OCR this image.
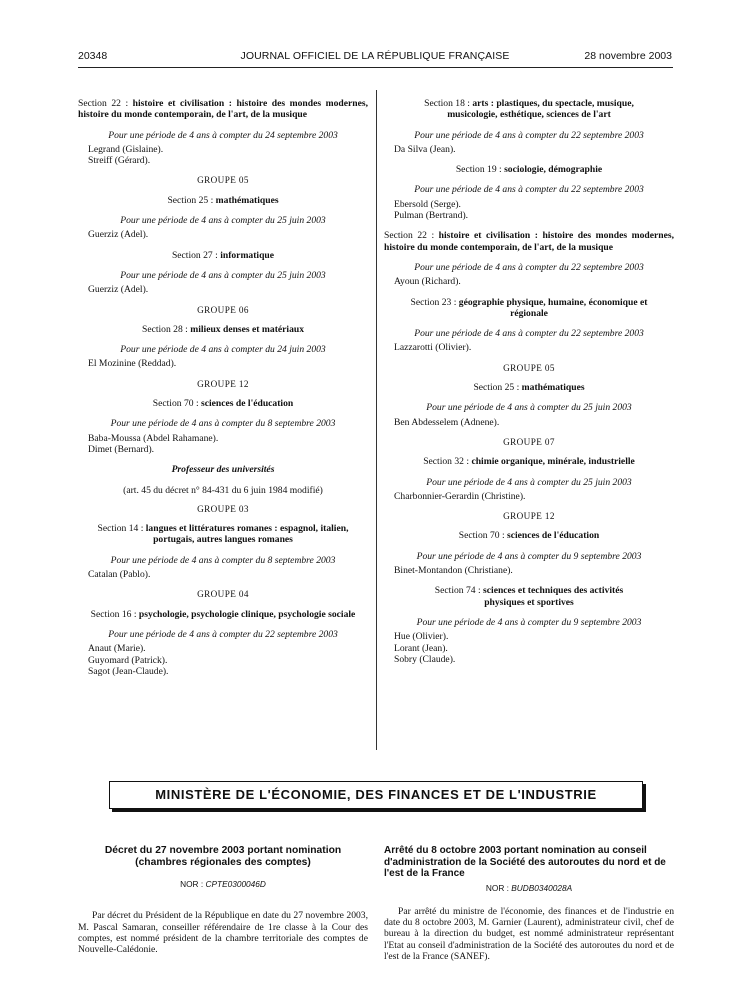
20348	JOURNAL OFFICIEL DE LA RÉPUBLIQUE FRANÇAISE	28 novembre 2003
Section 22 : histoire et civilisation : histoire des mondes modernes, histoire du monde contemporain, de l'art, de la musique
Pour une période de 4 ans à compter du 24 septembre 2003
Legrand (Gislaine).
Streiff (Gérard).
GROUPE 05
Section 25 : mathématiques
Pour une période de 4 ans à compter du 25 juin 2003
Guerziz (Adel).
Section 27 : informatique
Pour une période de 4 ans à compter du 25 juin 2003
Guerziz (Adel).
GROUPE 06
Section 28 : milieux denses et matériaux
Pour une période de 4 ans à compter du 24 juin 2003
El Mozinine (Reddad).
GROUPE 12
Section 70 : sciences de l'éducation
Pour une période de 4 ans à compter du 8 septembre 2003
Baba-Moussa (Abdel Rahamane).
Dimet (Bernard).
Professeur des universités
(art. 45 du décret n° 84-431 du 6 juin 1984 modifié)
GROUPE 03
Section 14 : langues et littératures romanes : espagnol, italien, portugais, autres langues romanes
Pour une période de 4 ans à compter du 8 septembre 2003
Catalan (Pablo).
GROUPE 04
Section 16 : psychologie, psychologie clinique, psychologie sociale
Pour une période de 4 ans à compter du 22 septembre 2003
Anaut (Marie).
Guyomard (Patrick).
Sagot (Jean-Claude).
Section 18 : arts : plastiques, du spectacle, musique, musicologie, esthétique, sciences de l'art
Pour une période de 4 ans à compter du 22 septembre 2003
Da Silva (Jean).
Section 19 : sociologie, démographie
Pour une période de 4 ans à compter du 22 septembre 2003
Ebersold (Serge).
Pulman (Bertrand).
Section 22 : histoire et civilisation : histoire des mondes modernes, histoire du monde contemporain, de l'art, de la musique
Pour une période de 4 ans à compter du 22 septembre 2003
Ayoun (Richard).
Section 23 : géographie physique, humaine, économique et régionale
Pour une période de 4 ans à compter du 22 septembre 2003
Lazzarotti (Olivier).
GROUPE 05
Section 25 : mathématiques
Pour une période de 4 ans à compter du 25 juin 2003
Ben Abdesselem (Adnene).
GROUPE 07
Section 32 : chimie organique, minérale, industrielle
Pour une période de 4 ans à compter du 25 juin 2003
Charbonnier-Gerardin (Christine).
GROUPE 12
Section 70 : sciences de l'éducation
Pour une période de 4 ans à compter du 9 septembre 2003
Binet-Montandon (Christiane).
Section 74 : sciences et techniques des activités physiques et sportives
Pour une période de 4 ans à compter du 9 septembre 2003
Hue (Olivier).
Lorant (Jean).
Sobry (Claude).
MINISTÈRE DE L'ÉCONOMIE, DES FINANCES ET DE L'INDUSTRIE
Décret du 27 novembre 2003 portant nomination (chambres régionales des comptes)
NOR : CPTE0300046D
Par décret du Président de la République en date du 27 novembre 2003, M. Pascal Samaran, conseiller référendaire de 1re classe à la Cour des comptes, est nommé président de la chambre territoriale des comptes de Nouvelle-Calédonie.
Arrêté du 8 octobre 2003 portant nomination au conseil d'administration de la Société des autoroutes du nord et de l'est de la France
NOR : BUDB0340028A
Par arrêté du ministre de l'économie, des finances et de l'industrie en date du 8 octobre 2003, M. Garnier (Laurent), administrateur civil, chef de bureau à la direction du budget, est nommé administrateur représentant l'Etat au conseil d'administration de la Société des autoroutes du nord et de l'est de la France (SANEF).
